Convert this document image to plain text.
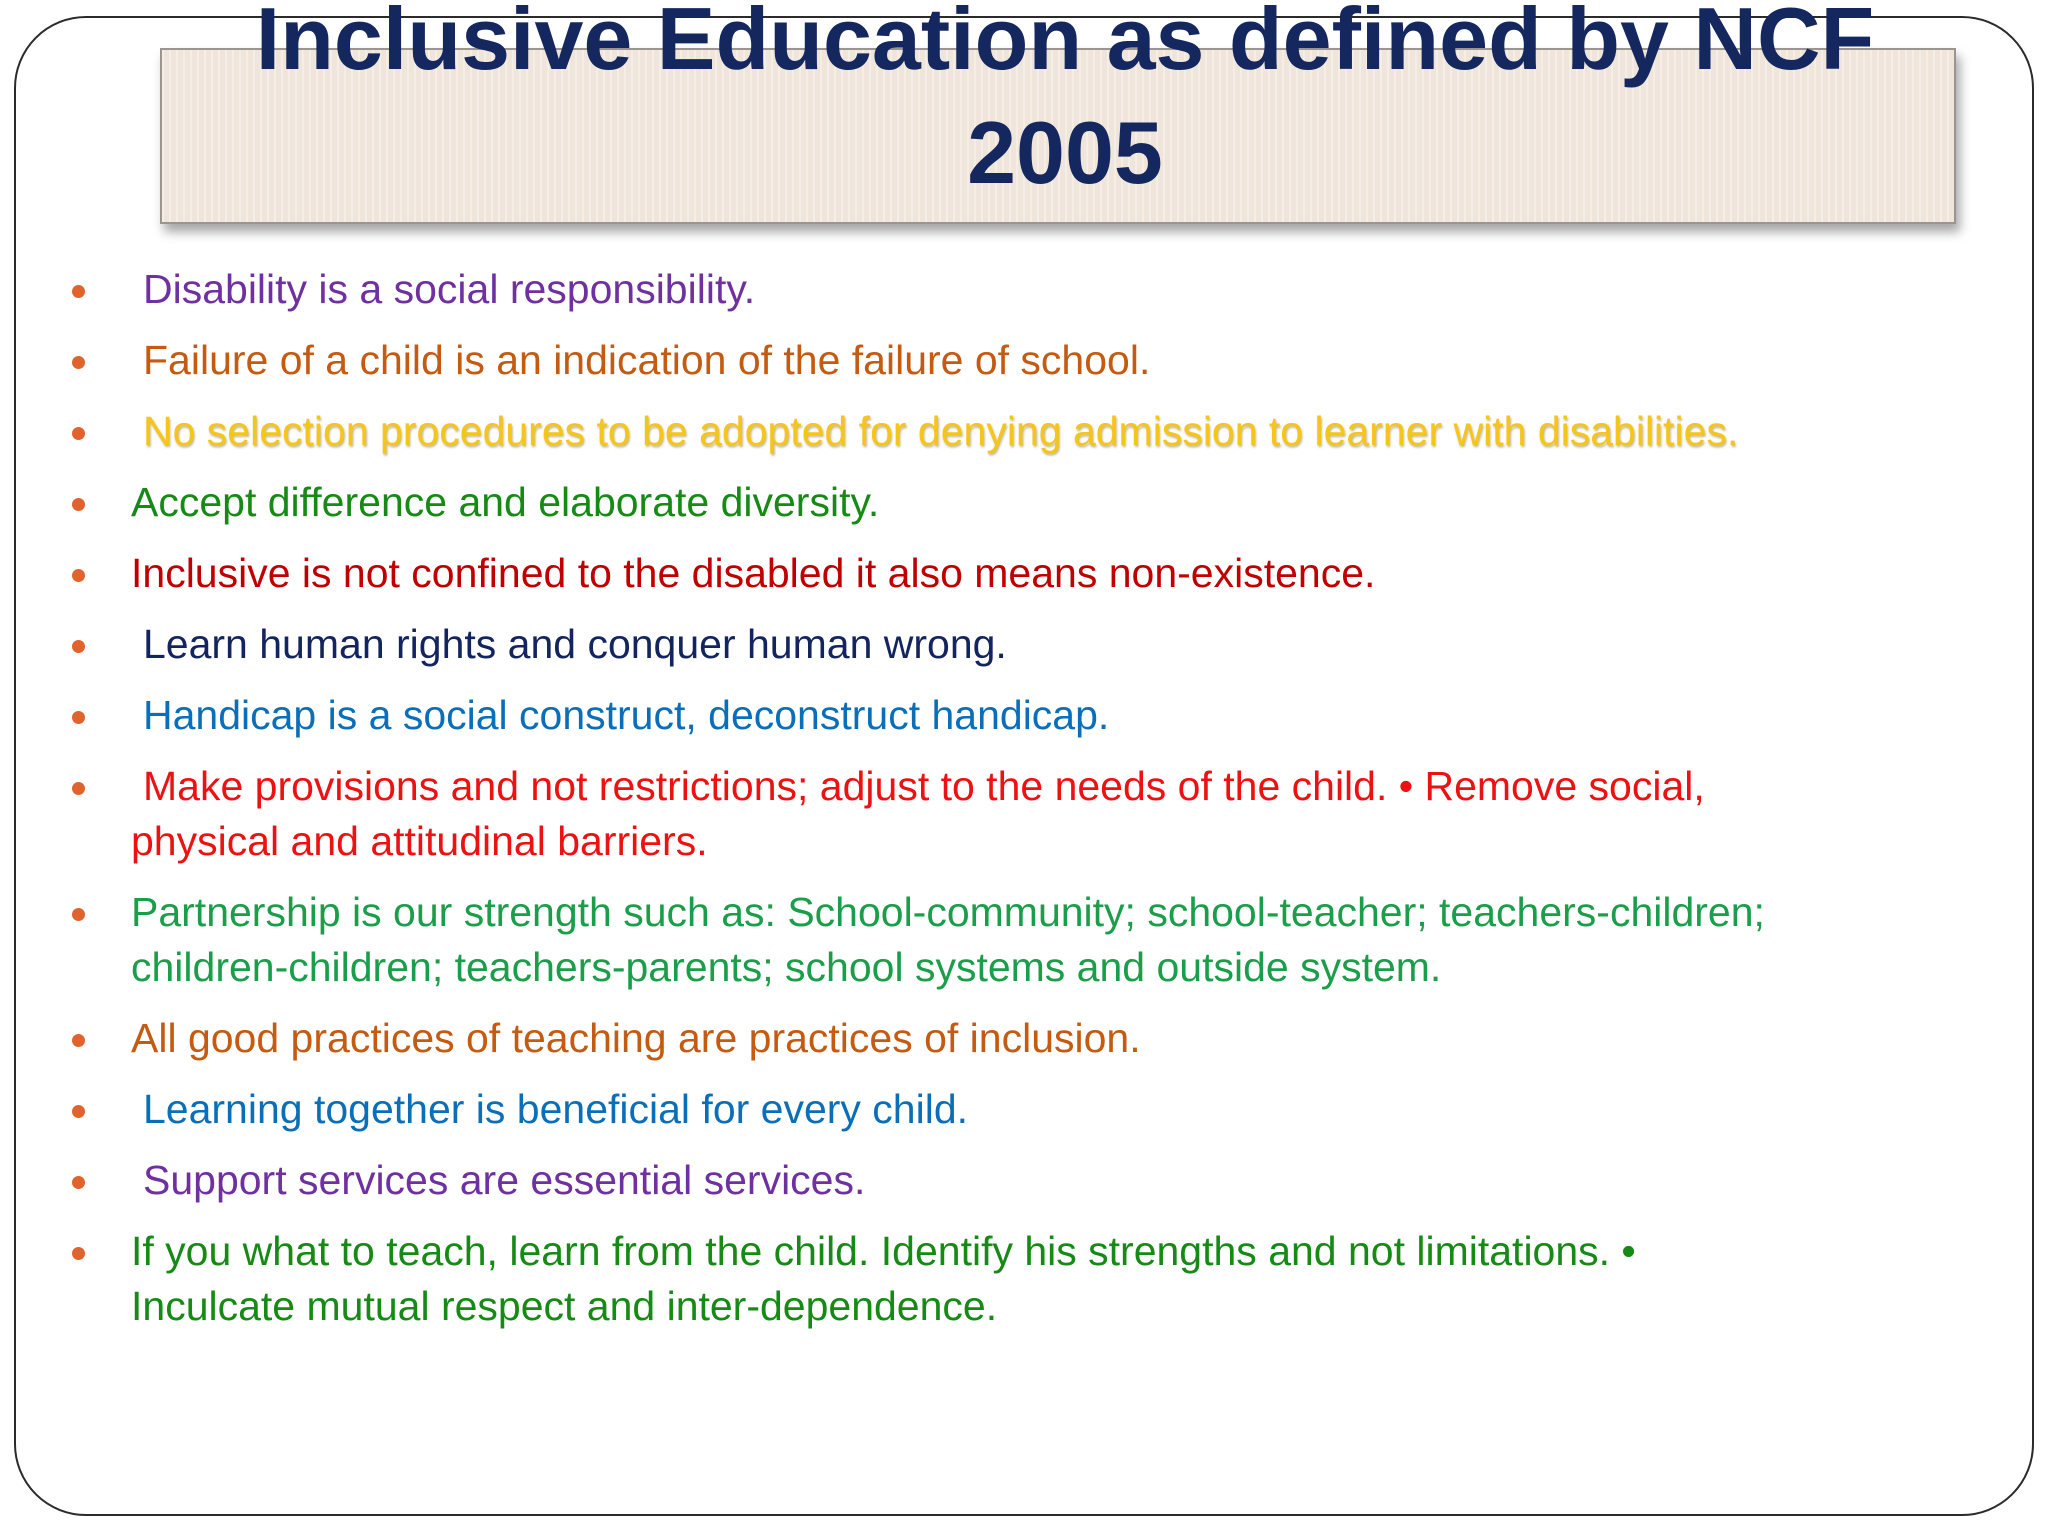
Inclusive Education as defined by NCF
2005
Disability is a social responsibility.
Failure of a child is an indication of the failure of school.
No selection procedures to be adopted for denying admission to learner with disabilities.
Accept difference and elaborate diversity.
Inclusive is not confined to the disabled it also means non-existence.
Learn human rights and conquer human wrong.
Handicap is a social construct, deconstruct handicap.
Make provisions and not restrictions; adjust to the needs of the child. • Remove social,
physical and attitudinal barriers.
Partnership is our strength such as: School-community; school-teacher; teachers-children;
children-children; teachers-parents; school systems and outside system.
All good practices of teaching are practices of inclusion.
Learning together is beneficial for every child.
Support services are essential services.
If you what to teach, learn from the child. Identify his strengths and not limitations. •
Inculcate mutual respect and inter-dependence.
